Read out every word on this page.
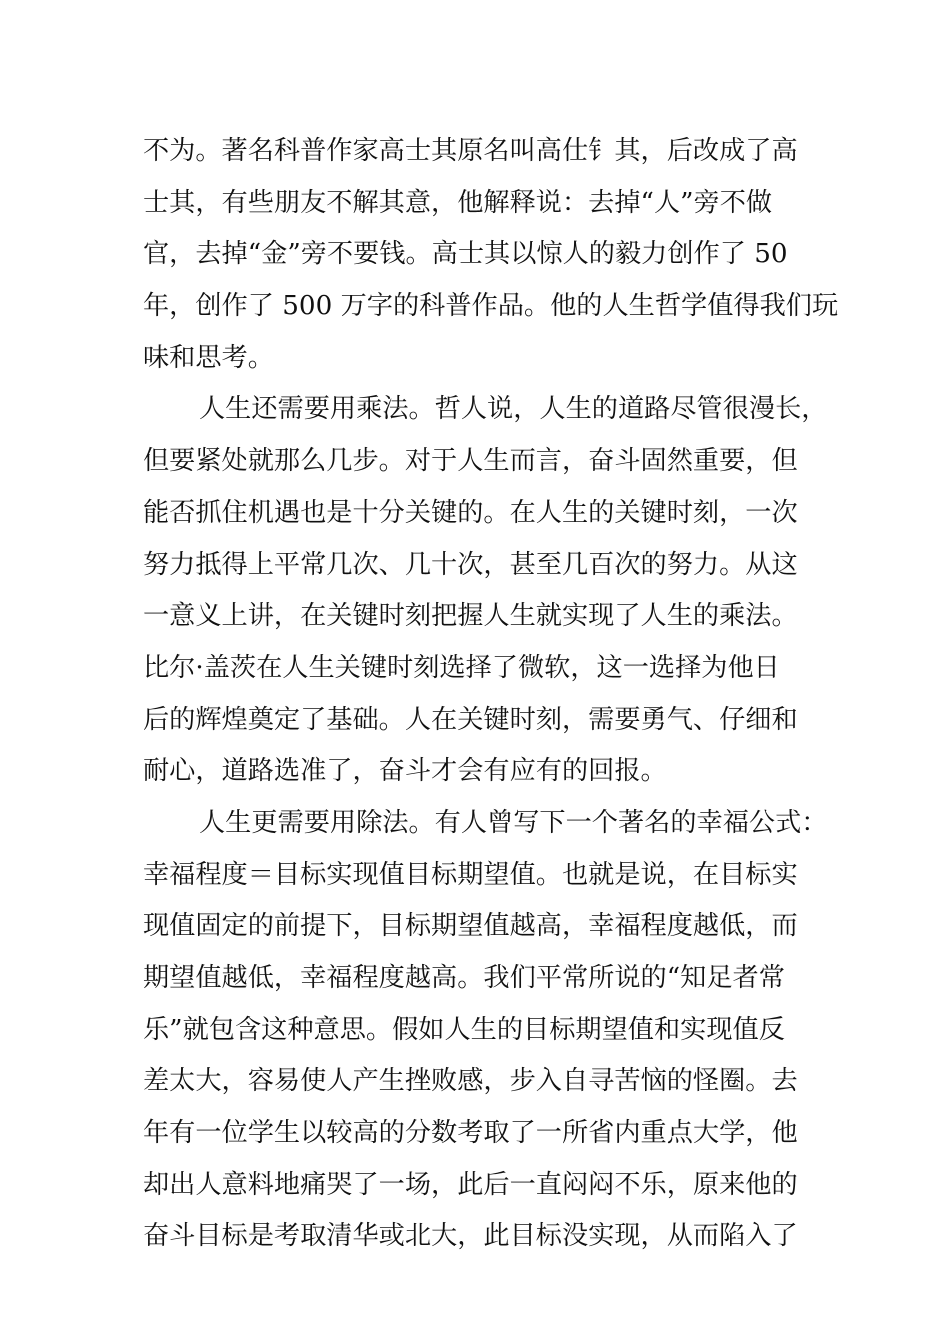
不为。著名科普作家高士其原名叫高仕钅其，后改成了高
士其，有些朋友不解其意，他解释说：去掉“人”旁不做
官，去掉“金”旁不要钱。高士其以惊人的毅力创作了 50
年，创作了 500 万字的科普作品。他的人生哲学值得我们玩
味和思考。
人生还需要用乘法。哲人说，人生的道路尽管很漫长，
但要紧处就那么几步。对于人生而言，奋斗固然重要，但
能否抓住机遇也是十分关键的。在人生的关键时刻，一次
努力抵得上平常几次、几十次，甚至几百次的努力。从这
一意义上讲，在关键时刻把握人生就实现了人生的乘法。
比尔·盖茨在人生关键时刻选择了微软，这一选择为他日
后的辉煌奠定了基础。人在关键时刻，需要勇气、仔细和
耐心，道路选准了，奋斗才会有应有的回报。
人生更需要用除法。有人曾写下一个著名的幸福公式：
幸福程度＝目标实现值目标期望值。也就是说，在目标实
现值固定的前提下，目标期望值越高，幸福程度越低，而
期望值越低，幸福程度越高。我们平常所说的“知足者常
乐”就包含这种意思。假如人生的目标期望值和实现值反
差太大，容易使人产生挫败感，步入自寻苦恼的怪圈。去
年有一位学生以较高的分数考取了一所省内重点大学，他
却出人意料地痛哭了一场，此后一直闷闷不乐，原来他的
奋斗目标是考取清华或北大，此目标没实现，从而陷入了
